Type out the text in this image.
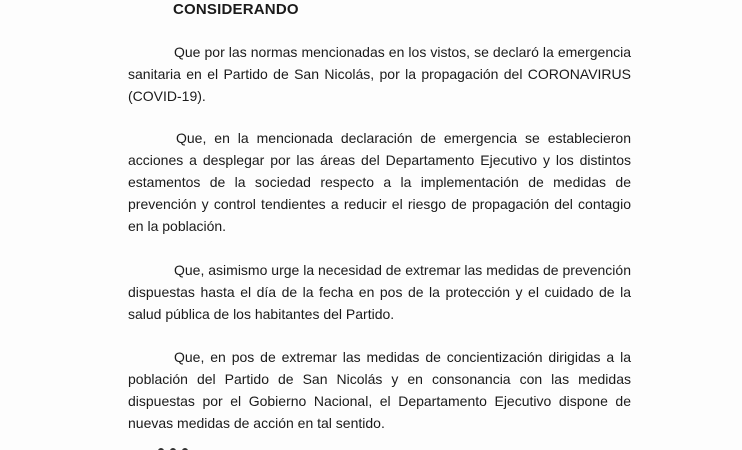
CONSIDERANDO
Que por las normas mencionadas en los vistos, se declaró la emergencia sanitaria en el Partido de San Nicolás, por la propagación del CORONAVIRUS (COVID-19).
Que, en la mencionada declaración de emergencia se establecieron acciones a desplegar por las áreas del Departamento Ejecutivo y los distintos estamentos de la sociedad respecto a la implementación de medidas de prevención y control tendientes a reducir el riesgo de propagación del contagio en la población.
Que, asimismo urge la necesidad de extremar las medidas de prevención dispuestas hasta el día de la fecha en pos de la protección y el cuidado de la salud pública de los habitantes del Partido.
Que, en pos de extremar las medidas de concientización dirigidas a la población del Partido de San Nicolás y en consonancia con las medidas dispuestas por el Gobierno Nacional, el Departamento Ejecutivo dispone de nuevas medidas de acción en tal sentido.
